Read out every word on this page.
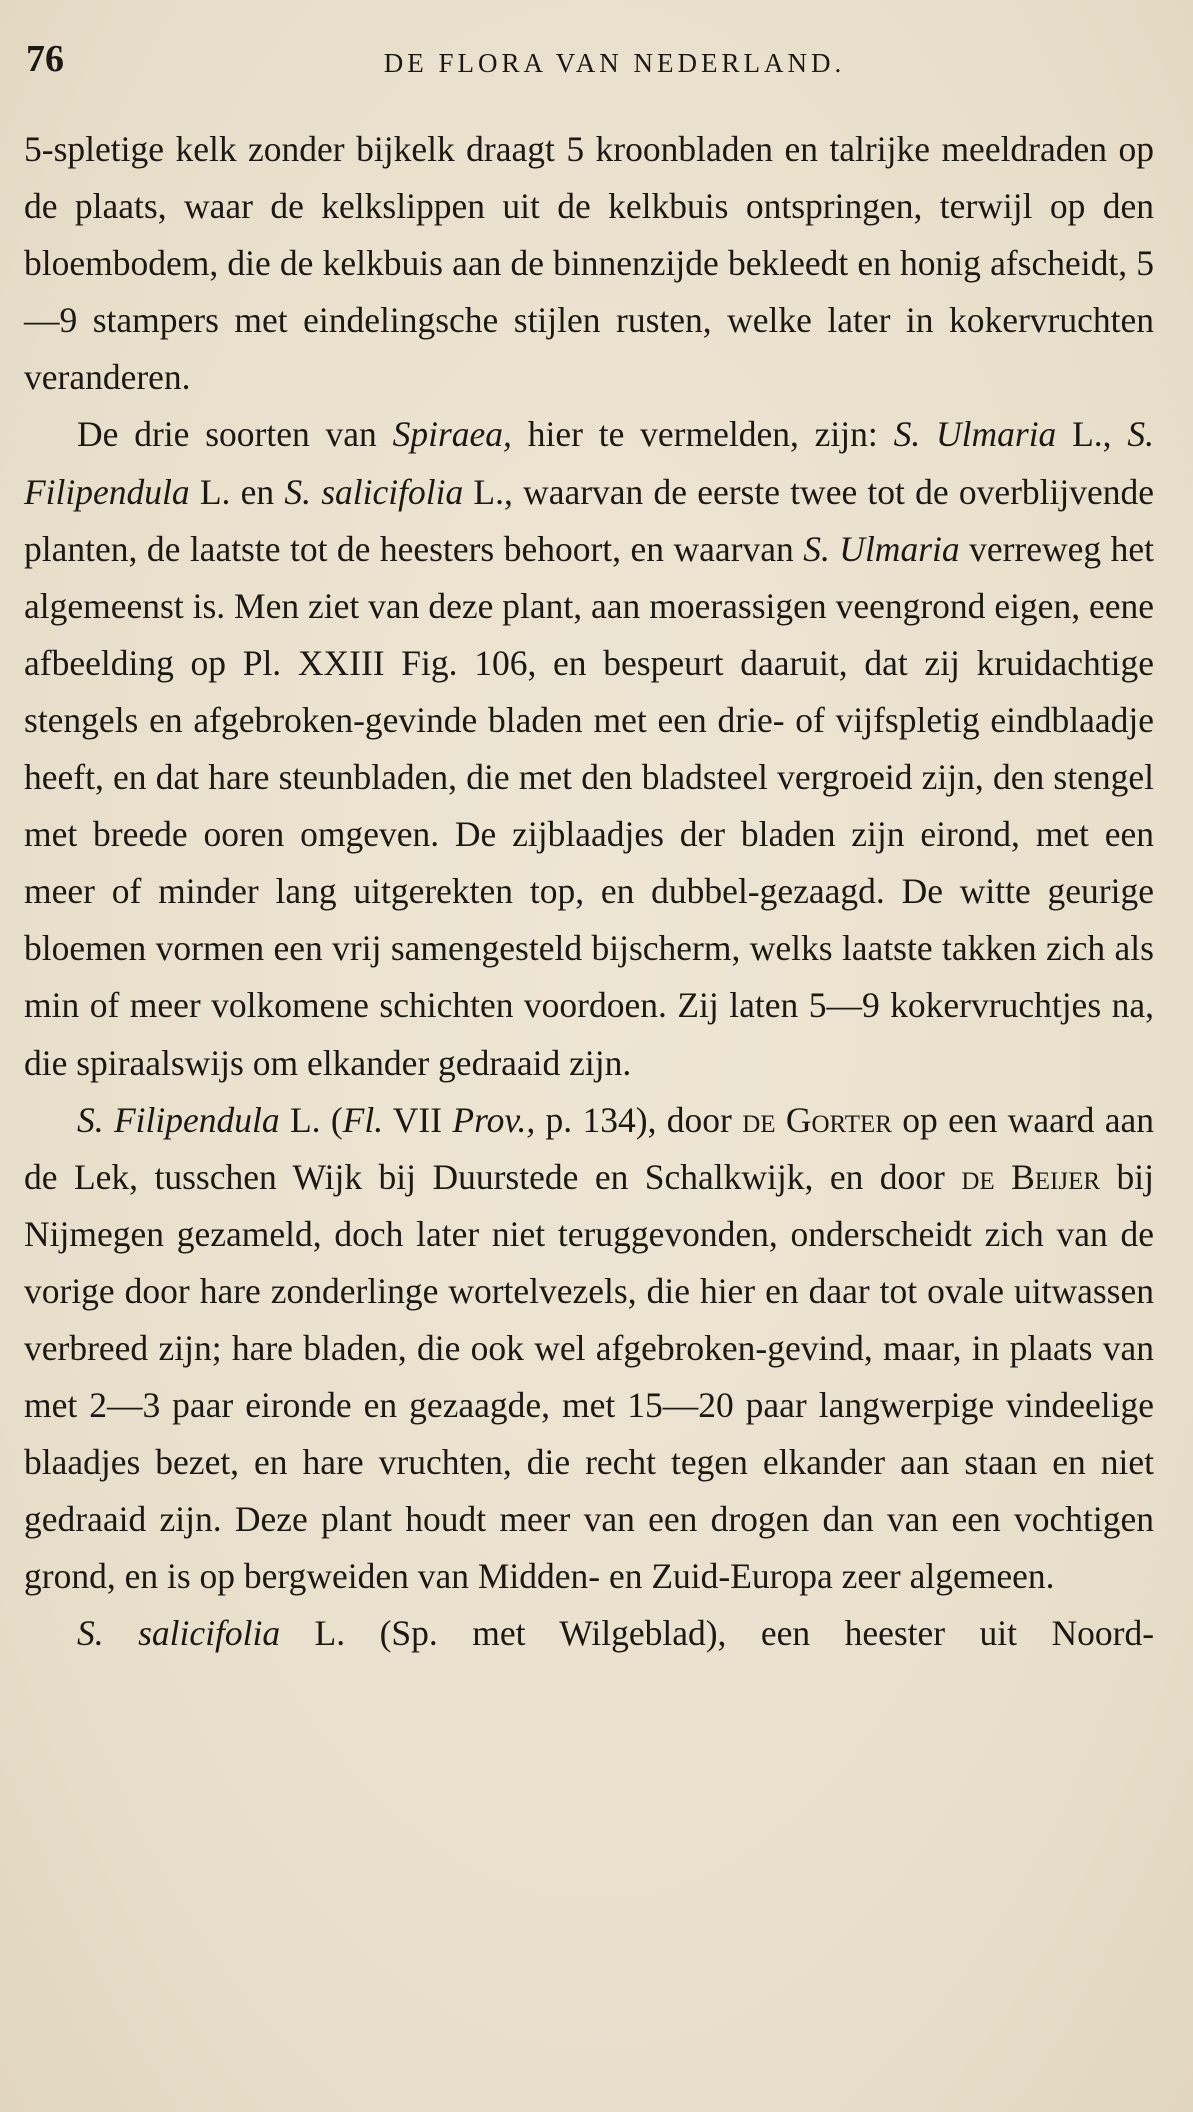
76	DE FLORA VAN NEDERLAND.

5-spletige kelk zonder bijkelk draagt 5 kroonbladen en talrijke meeldraden op de plaats, waar de kelkslippen uit de kelkbuis ontspringen, terwijl op den bloembodem, die de kelkbuis aan de binnenzijde bekleedt en honig afscheidt, 5—9 stampers met eindelingsche stijlen rusten, welke later in kokervruchten veranderen.

De drie soorten van Spiraea, hier te vermelden, zijn: S. Ulmaria L., S. Filipendula L. en S. salicifolia L., waarvan de eerste twee tot de overblijvende planten, de laatste tot de heesters behoort, en waarvan S. Ulmaria verreweg het algemeenst is. Men ziet van deze plant, aan moerassigen veengrond eigen, eene afbeelding op Pl. XXIII Fig. 106, en bespeurt daaruit, dat zij kruidachtige stengels en afgebroken-gevinde bladen met een drie- of vijfspletig eindblaadje heeft, en dat hare steunbladen, die met den bladsteel vergroeid zijn, den stengel met breede ooren omgeven. De zijblaadjes der bladen zijn eirond, met een meer of minder lang uitgerekten top, en dubbel-gezaagd. De witte geurige bloemen vormen een vrij samengesteld bijscherm, welks laatste takken zich als min of meer volkomene schichten voordoen. Zij laten 5—9 kokervruchtjes na, die spiraalswijs om elkander gedraaid zijn.

S. Filipendula L. (Fl. VII Prov., p. 134), door de Gorter op een waard aan de Lek, tusschen Wijk bij Duurstede en Schalkwijk, en door de Beijer bij Nijmegen gezameld, doch later niet teruggevonden, onderscheidt zich van de vorige door hare zonderlinge wortelvezels, die hier en daar tot ovale uitwassen verbreed zijn; hare bladen, die ook wel afgebroken-gevind, maar, in plaats van met 2—3 paar eironde en gezaagde, met 15—20 paar langwerpige vindeelige blaadjes bezet, en hare vruchten, die recht tegen elkander aan staan en niet gedraaid zijn. Deze plant houdt meer van een drogen dan van een vochtigen grond, en is op bergweiden van Midden- en Zuid-Europa zeer algemeen.

S. salicifolia L. (Sp. met Wilgeblad), een heester uit Noord-
